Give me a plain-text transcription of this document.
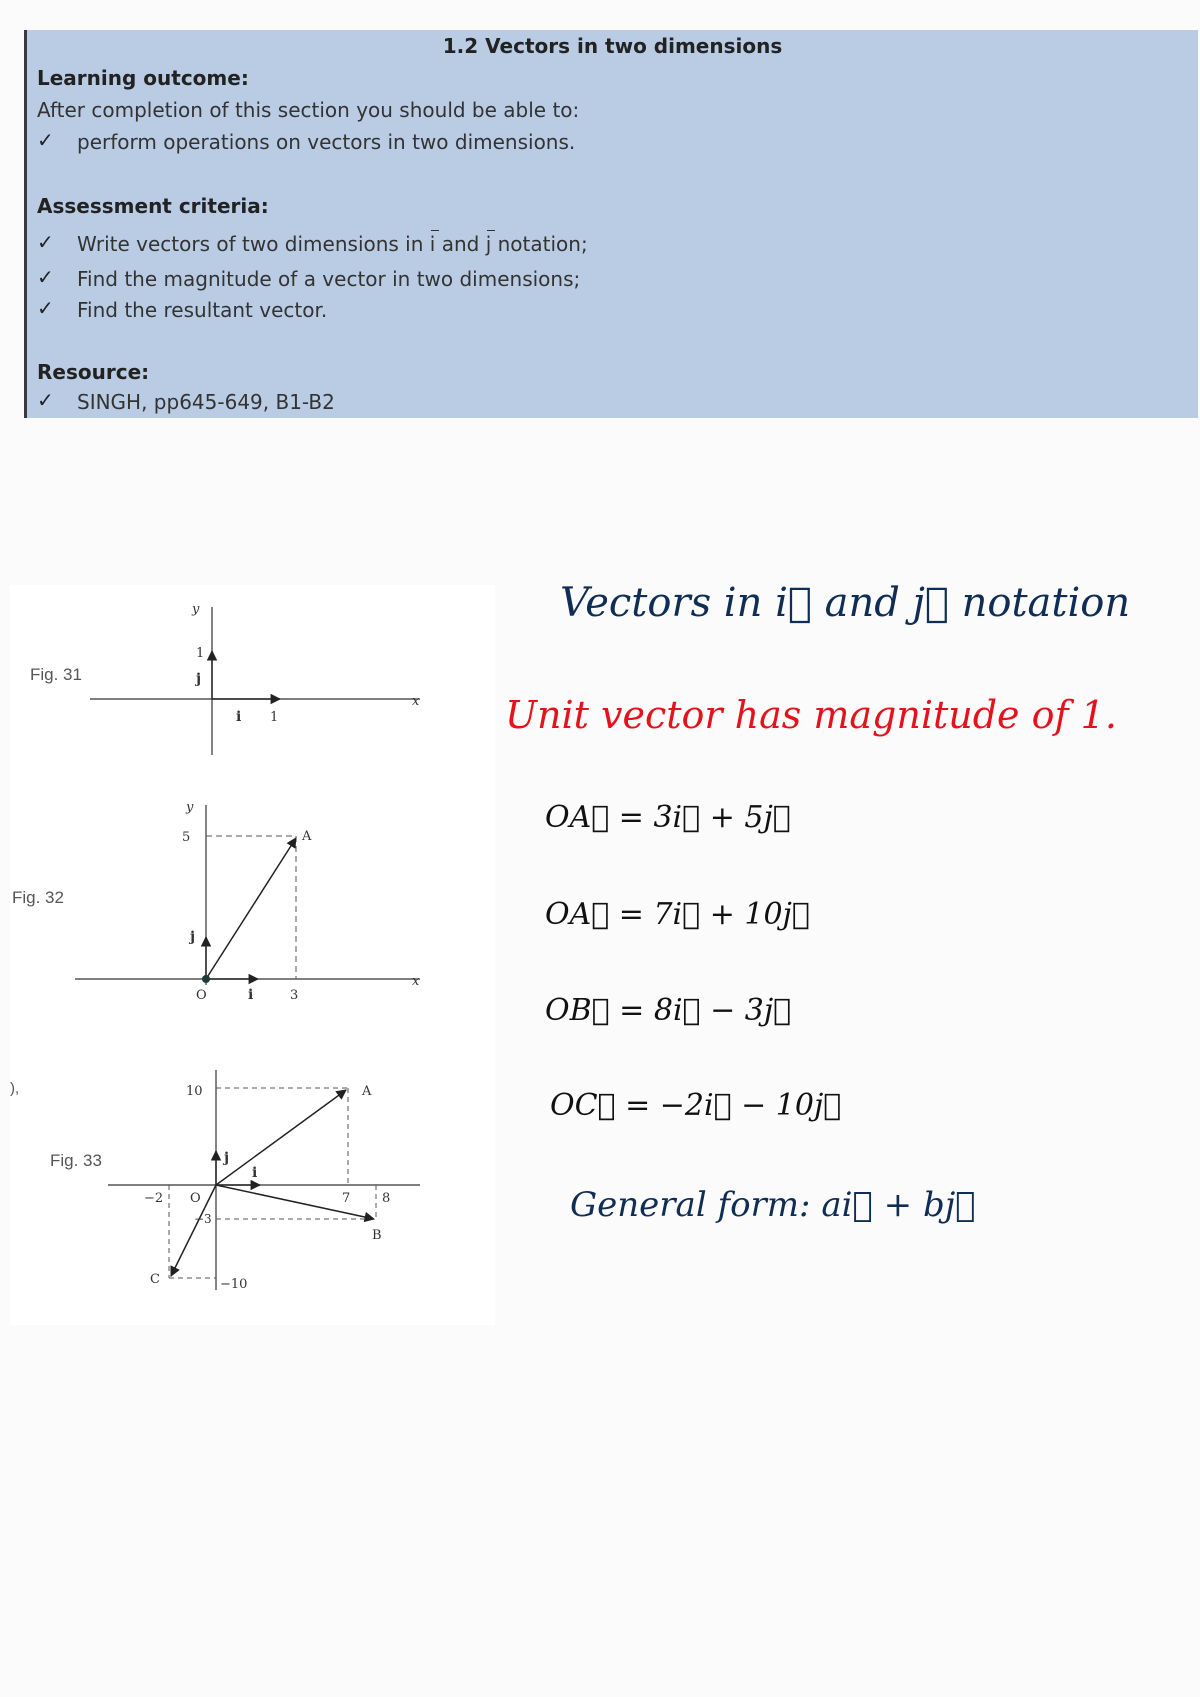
1.2 Vectors in two dimensions
Learning outcome:
After completion of this section you should be able to:
✓ perform operations on vectors in two dimensions.
Assessment criteria:
✓ Write vectors of two dimensions in i and j notation;
✓ Find the magnitude of a vector in two dimensions;
✓ Find the resultant vector.
Resource:
✓ SINGH, pp645-649, B1-B2
Fig. 31
y
x
1
j
i 1
Fig. 32
y
x
5	A
j
O	i	3
),
Fig. 33
10	A
j
i
−2 O	7 8
−3
B
C	−10
Vectors in i⃗ and j⃗ notation
Unit vector has magnitude of 1.
OA⃗ = 3i⃗ + 5j⃗
OA⃗ = 7i⃗ + 10j⃗
OB⃗ = 8i⃗ − 3j⃗
OC⃗ = −2i⃗ − 10j⃗
General form: ai⃗ + bj⃗
